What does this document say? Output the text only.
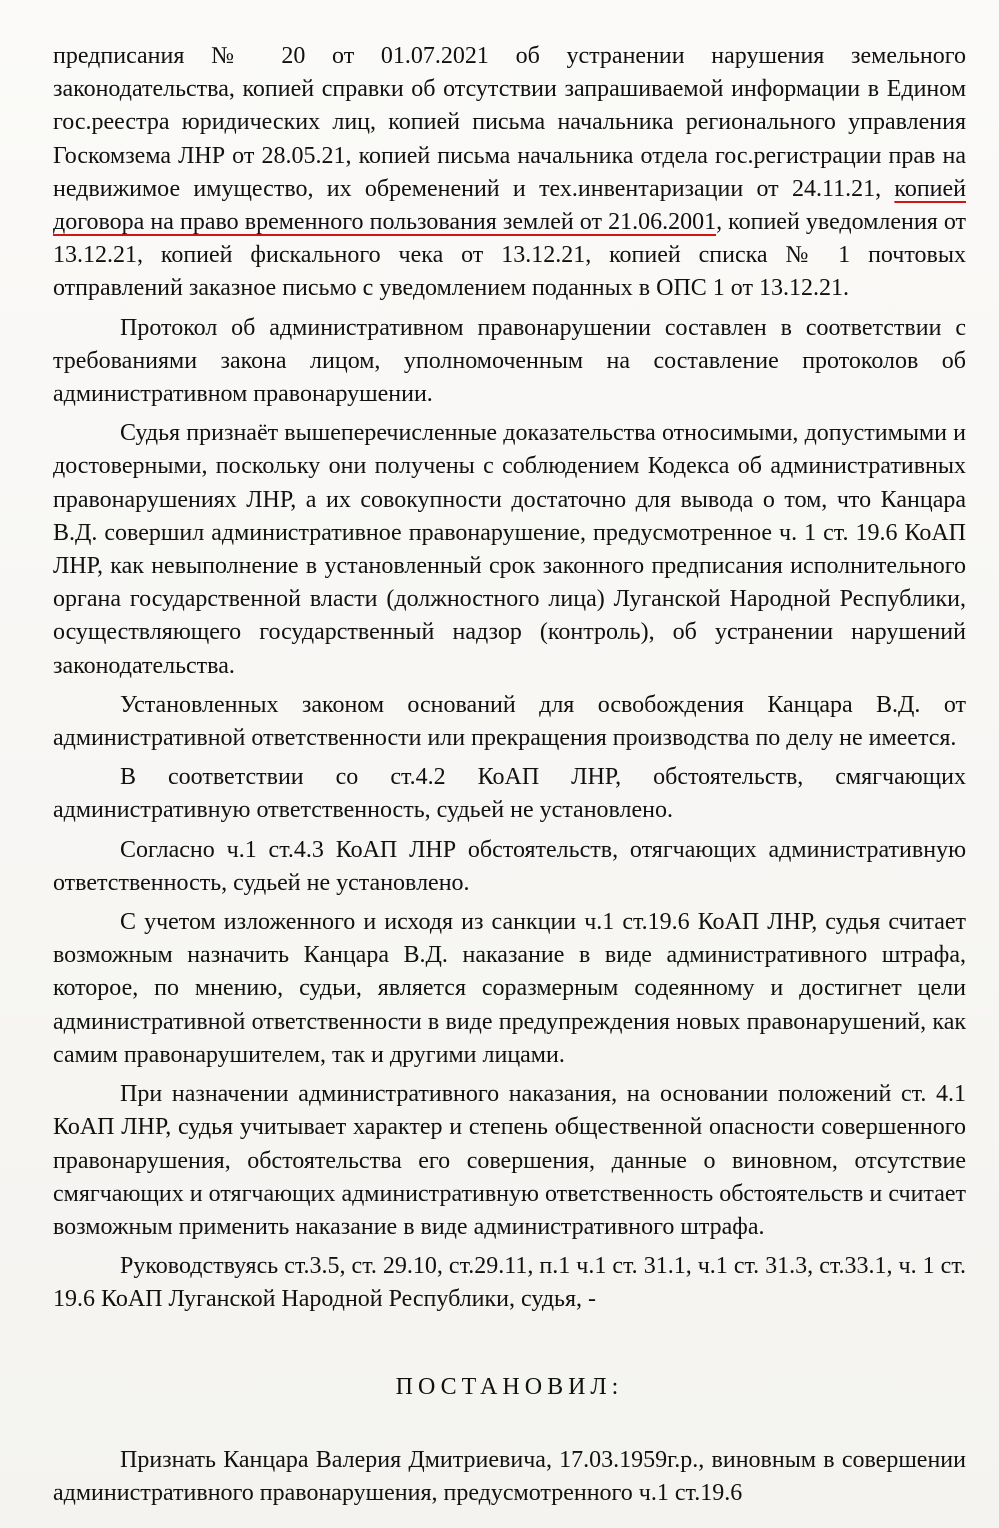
предписания № 20 от 01.07.2021 об устранении нарушения земельного законодательства, копией справки об отсутствии запрашиваемой информации в Едином гос.реестра юридических лиц, копией письма начальника регионального управления Госкомзема ЛНР от 28.05.21, копией письма начальника отдела гос.регистрации прав на недвижимое имущество, их обременений и тех.инвентаризации от 24.11.21, копией договора на право временного пользования землей от 21.06.2001, копией уведомления от 13.12.21, копией фискального чека от 13.12.21, копией списка № 1 почтовых отправлений заказное письмо с уведомлением поданных в ОПС 1 от 13.12.21.

Протокол об административном правонарушении составлен в соответствии с требованиями закона лицом, уполномоченным на составление протоколов об административном правонарушении.

Судья признаёт вышеперечисленные доказательства относимыми, допустимыми и достоверными, поскольку они получены с соблюдением Кодекса об административных правонарушениях ЛНР, а их совокупности достаточно для вывода о том, что Канцара В.Д. совершил административное правонарушение, предусмотренное ч. 1 ст. 19.6 КоАП ЛНР, как невыполнение в установленный срок законного предписания исполнительного органа государственной власти (должностного лица) Луганской Народной Республики, осуществляющего государственный надзор (контроль), об устранении нарушений законодательства.

Установленных законом оснований для освобождения Канцара В.Д. от административной ответственности или прекращения производства по делу не имеется.

В соответствии со ст.4.2 КоАП ЛНР, обстоятельств, смягчающих административную ответственность, судьей не установлено.

Согласно ч.1 ст.4.3 КоАП ЛНР обстоятельств, отягчающих административную ответственность, судьей не установлено.

С учетом изложенного и исходя из санкции ч.1 ст.19.6 КоАП ЛНР, судья считает возможным назначить Канцара В.Д. наказание в виде административного штрафа, которое, по мнению, судьи, является соразмерным содеянному и достигнет цели административной ответственности в виде предупреждения новых правонарушений, как самим правонарушителем, так и другими лицами.

При назначении административного наказания, на основании положений ст. 4.1 КоАП ЛНР, судья учитывает характер и степень общественной опасности совершенного правонарушения, обстоятельства его совершения, данные о виновном, отсутствие смягчающих и отягчающих административную ответственность обстоятельств и считает возможным применить наказание в виде административного штрафа.

Руководствуясь ст.3.5, ст. 29.10, ст.29.11, п.1 ч.1 ст. 31.1, ч.1 ст. 31.3, ст.33.1, ч. 1 ст. 19.6 КоАП Луганской Народной Республики, судья, -

ПОСТАНОВИЛ:

Признать Канцара Валерия Дмитриевича, 17.03.1959г.р., виновным в совершении административного правонарушения, предусмотренного ч.1 ст.19.6
